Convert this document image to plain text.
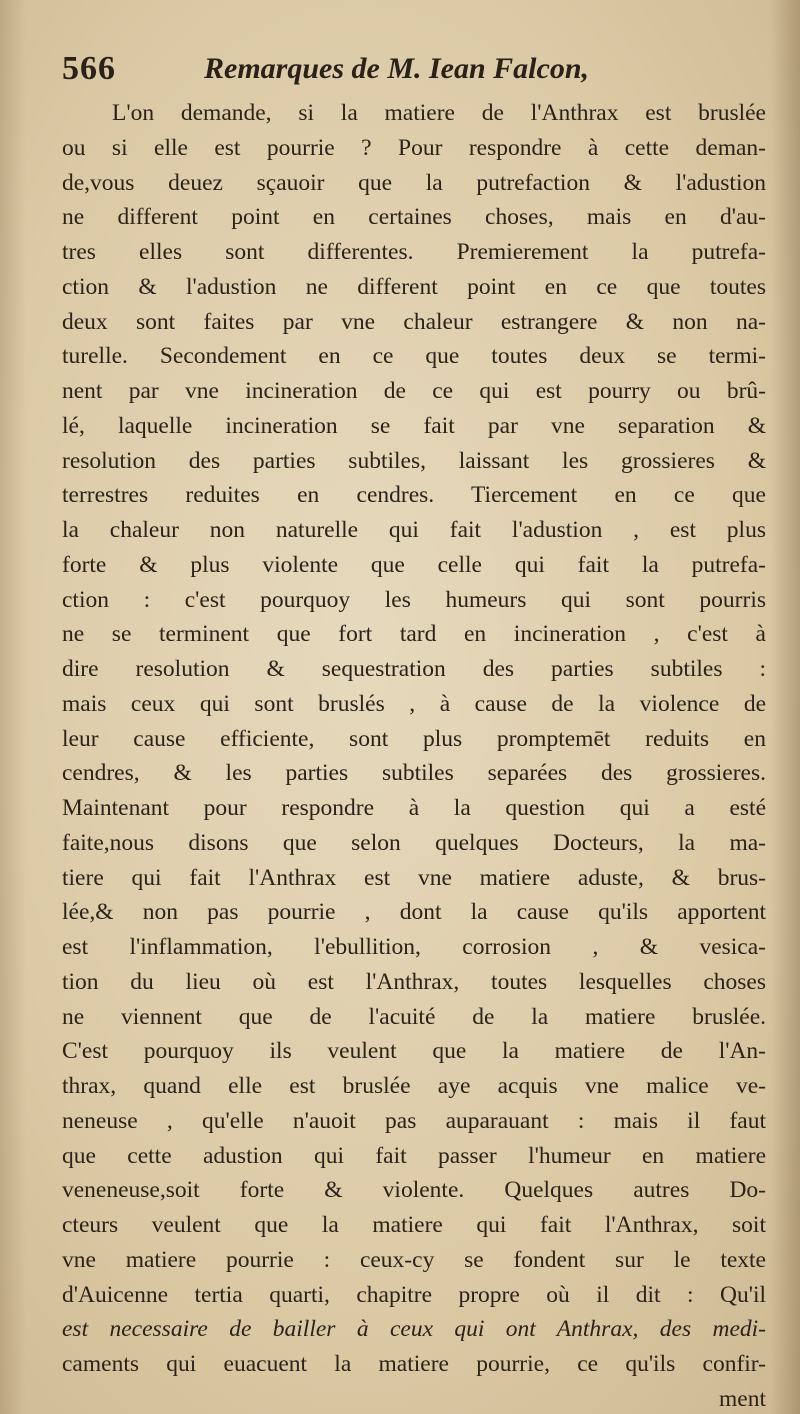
566	Remarques de M. Iean Falcon,
L'on demande, si la matiere de l'Anthrax est bruslée
ou si elle est pourrie ? Pour respondre à cette deman-
de,vous deuez sçauoir que la putrefaction & l'adustion
ne different point en certaines choses, mais en d'au-
tres elles sont differentes. Premierement la putrefa-
ction & l'adustion ne different point en ce que toutes
deux sont faites par vne chaleur estrangere & non na-
turelle. Secondement en ce que toutes deux se termi-
nent par vne incineration de ce qui est pourry ou brû-
lé, laquelle incineration se fait par vne separation &
resolution des parties subtiles, laissant les grossieres &
terrestres reduites en cendres. Tiercement en ce que
la chaleur non naturelle qui fait l'adustion , est plus
forte & plus violente que celle qui fait la putrefa-
ction : c'est pourquoy les humeurs qui sont pourris
ne se terminent que fort tard en incineration , c'est à
dire resolution & sequestration des parties subtiles :
mais ceux qui sont bruslés , à cause de la violence de
leur cause efficiente, sont plus promptemēt reduits en
cendres, & les parties subtiles separées des grossieres.
Maintenant pour respondre à la question qui a esté
faite,nous disons que selon quelques Docteurs, la ma-
tiere qui fait l'Anthrax est vne matiere aduste, & brus-
lée,& non pas pourrie , dont la cause qu'ils apportent
est l'inflammation, l'ebullition, corrosion , & vesica-
tion du lieu où est l'Anthrax, toutes lesquelles choses
ne viennent que de l'acuité de la matiere bruslée.
C'est pourquoy ils veulent que la matiere de l'An-
thrax, quand elle est bruslée aye acquis vne malice ve-
neneuse , qu'elle n'auoit pas auparauant : mais il faut
que cette adustion qui fait passer l'humeur en matiere
veneneuse,soit forte & violente. Quelques autres Do-
cteurs veulent que la matiere qui fait l'Anthrax, soit
vne matiere pourrie : ceux-cy se fondent sur le texte
d'Auicenne tertia quarti, chapitre propre où il dit : Qu'il
est necessaire de bailler à ceux qui ont Anthrax, des medi-
caments qui euacuent la matiere pourrie, ce qu'ils confir-
ment
